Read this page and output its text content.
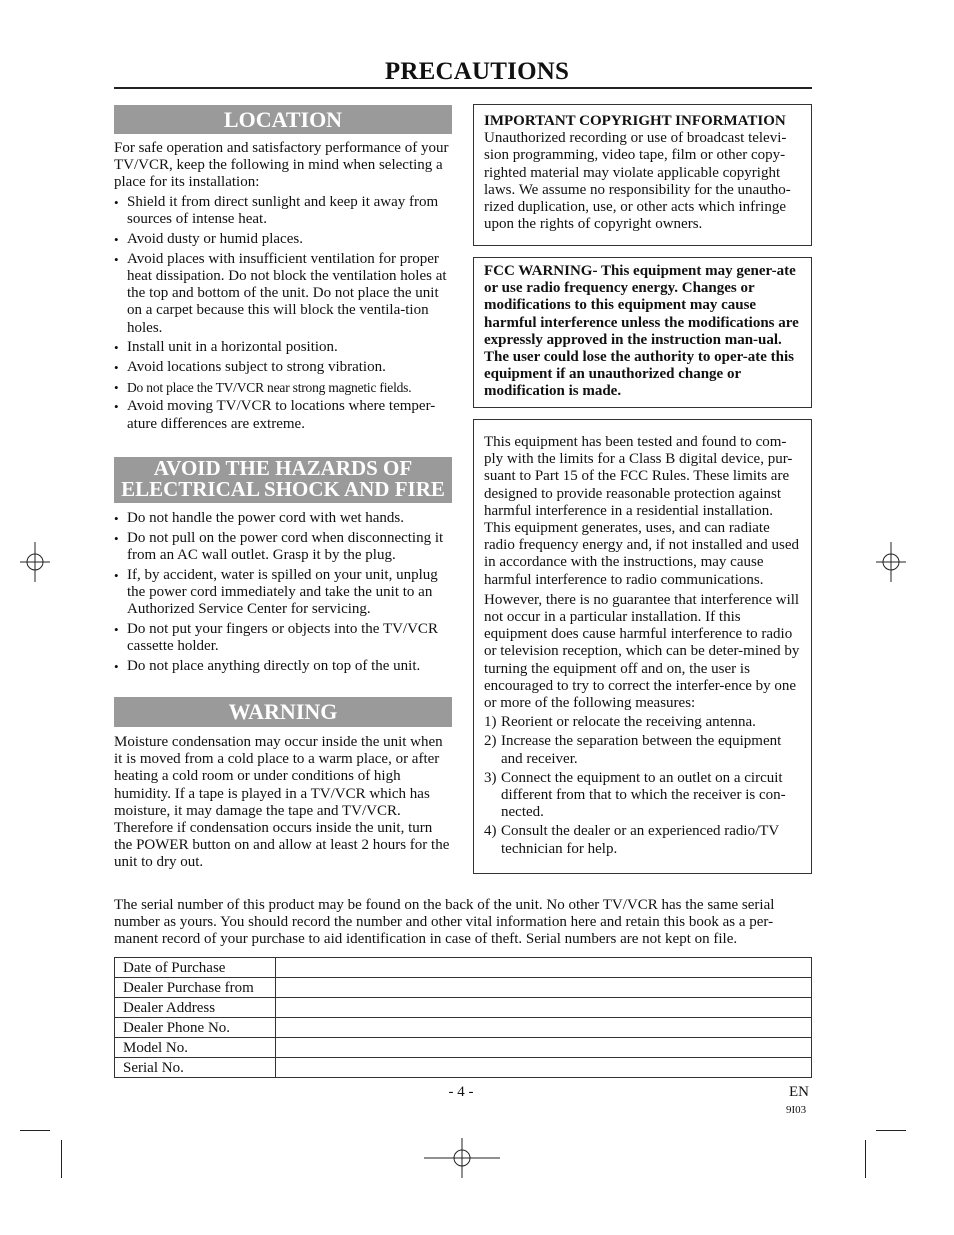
PRECAUTIONS
LOCATION

For safe operation and satisfactory performance of your TV/VCR, keep the following in mind when selecting a place for its installation:

• Shield it from direct sunlight and keep it away from sources of intense heat.
• Avoid dusty or humid places.
• Avoid places with insufficient ventilation for proper heat dissipation. Do not block the ventilation holes at the top and bottom of the unit. Do not place the unit on a carpet because this will block the ventila-tion holes.
• Install unit in a horizontal position.
• Avoid locations subject to strong vibration.
• Do not place the TV/VCR near strong magnetic fields.
• Avoid moving TV/VCR to locations where temper-ature differences are extreme.
AVOID THE HAZARDS OF
ELECTRICAL SHOCK AND FIRE
• Do not handle the power cord with wet hands.
• Do not pull on the power cord when disconnecting it from an AC wall outlet. Grasp it by the plug.
• If, by accident, water is spilled on your unit, unplug the power cord immediately and take the unit to an Authorized Service Center for servicing.
• Do not put your fingers or objects into the TV/VCR cassette holder.
• Do not place anything directly on top of the unit.
WARNING

Moisture condensation may occur inside the unit when it is moved from a cold place to a warm place, or after heating a cold room or under conditions of high humidity. If a tape is played in a TV/VCR which has moisture, it may damage the tape and TV/VCR. Therefore if condensation occurs inside the unit, turn the POWER button on and allow at least 2 hours for the unit to dry out.

IMPORTANT COPYRIGHT INFORMATION

Unauthorized recording or use of broadcast televi-sion programming, video tape, film or other copy-righted material may violate applicable copyright laws. We assume no responsibility for the unautho-rized duplication, use, or other acts which infringe upon the rights of copyright owners.

FCC WARNING- This equipment may gener-ate or use radio frequency energy. Changes or modifications to this equipment may cause harmful interference unless the modifications are expressly approved in the instruction man-ual. The user could lose the authority to oper-ate this equipment if an unauthorized change or modification is made.

This equipment has been tested and found to com-ply with the limits for a Class B digital device, pur-suant to Part 15 of the FCC Rules. These limits are designed to provide reasonable protection against harmful interference in a residential installation. This equipment generates, uses, and can radiate radio frequency energy and, if not installed and used in accordance with the instructions, may cause harmful interference to radio communications.

However, there is no guarantee that interference will not occur in a particular installation. If this equipment does cause harmful interference to radio or television reception, which can be deter-mined by turning the equipment off and on, the user is encouraged to try to correct the interfer-ence by one or more of the following measures:

1) Reorient or relocate the receiving antenna.
2) Increase the separation between the equipment and receiver.
3) Connect the equipment to an outlet on a circuit different from that to which the receiver is con-nected.
4) Consult the dealer or an experienced radio/TV technician for help.

The serial number of this product may be found on the back of the unit. No other TV/VCR has the same serial number as yours. You should record the number and other vital information here and retain this book as a per-manent record of your purchase to aid identification in case of theft. Serial numbers are not kept on file.

Date of Purchase	
Dealer Purchase from	
Dealer Address	
Dealer Phone No.	
Model No.	
Serial No.	
- 4 -	EN
9I03
